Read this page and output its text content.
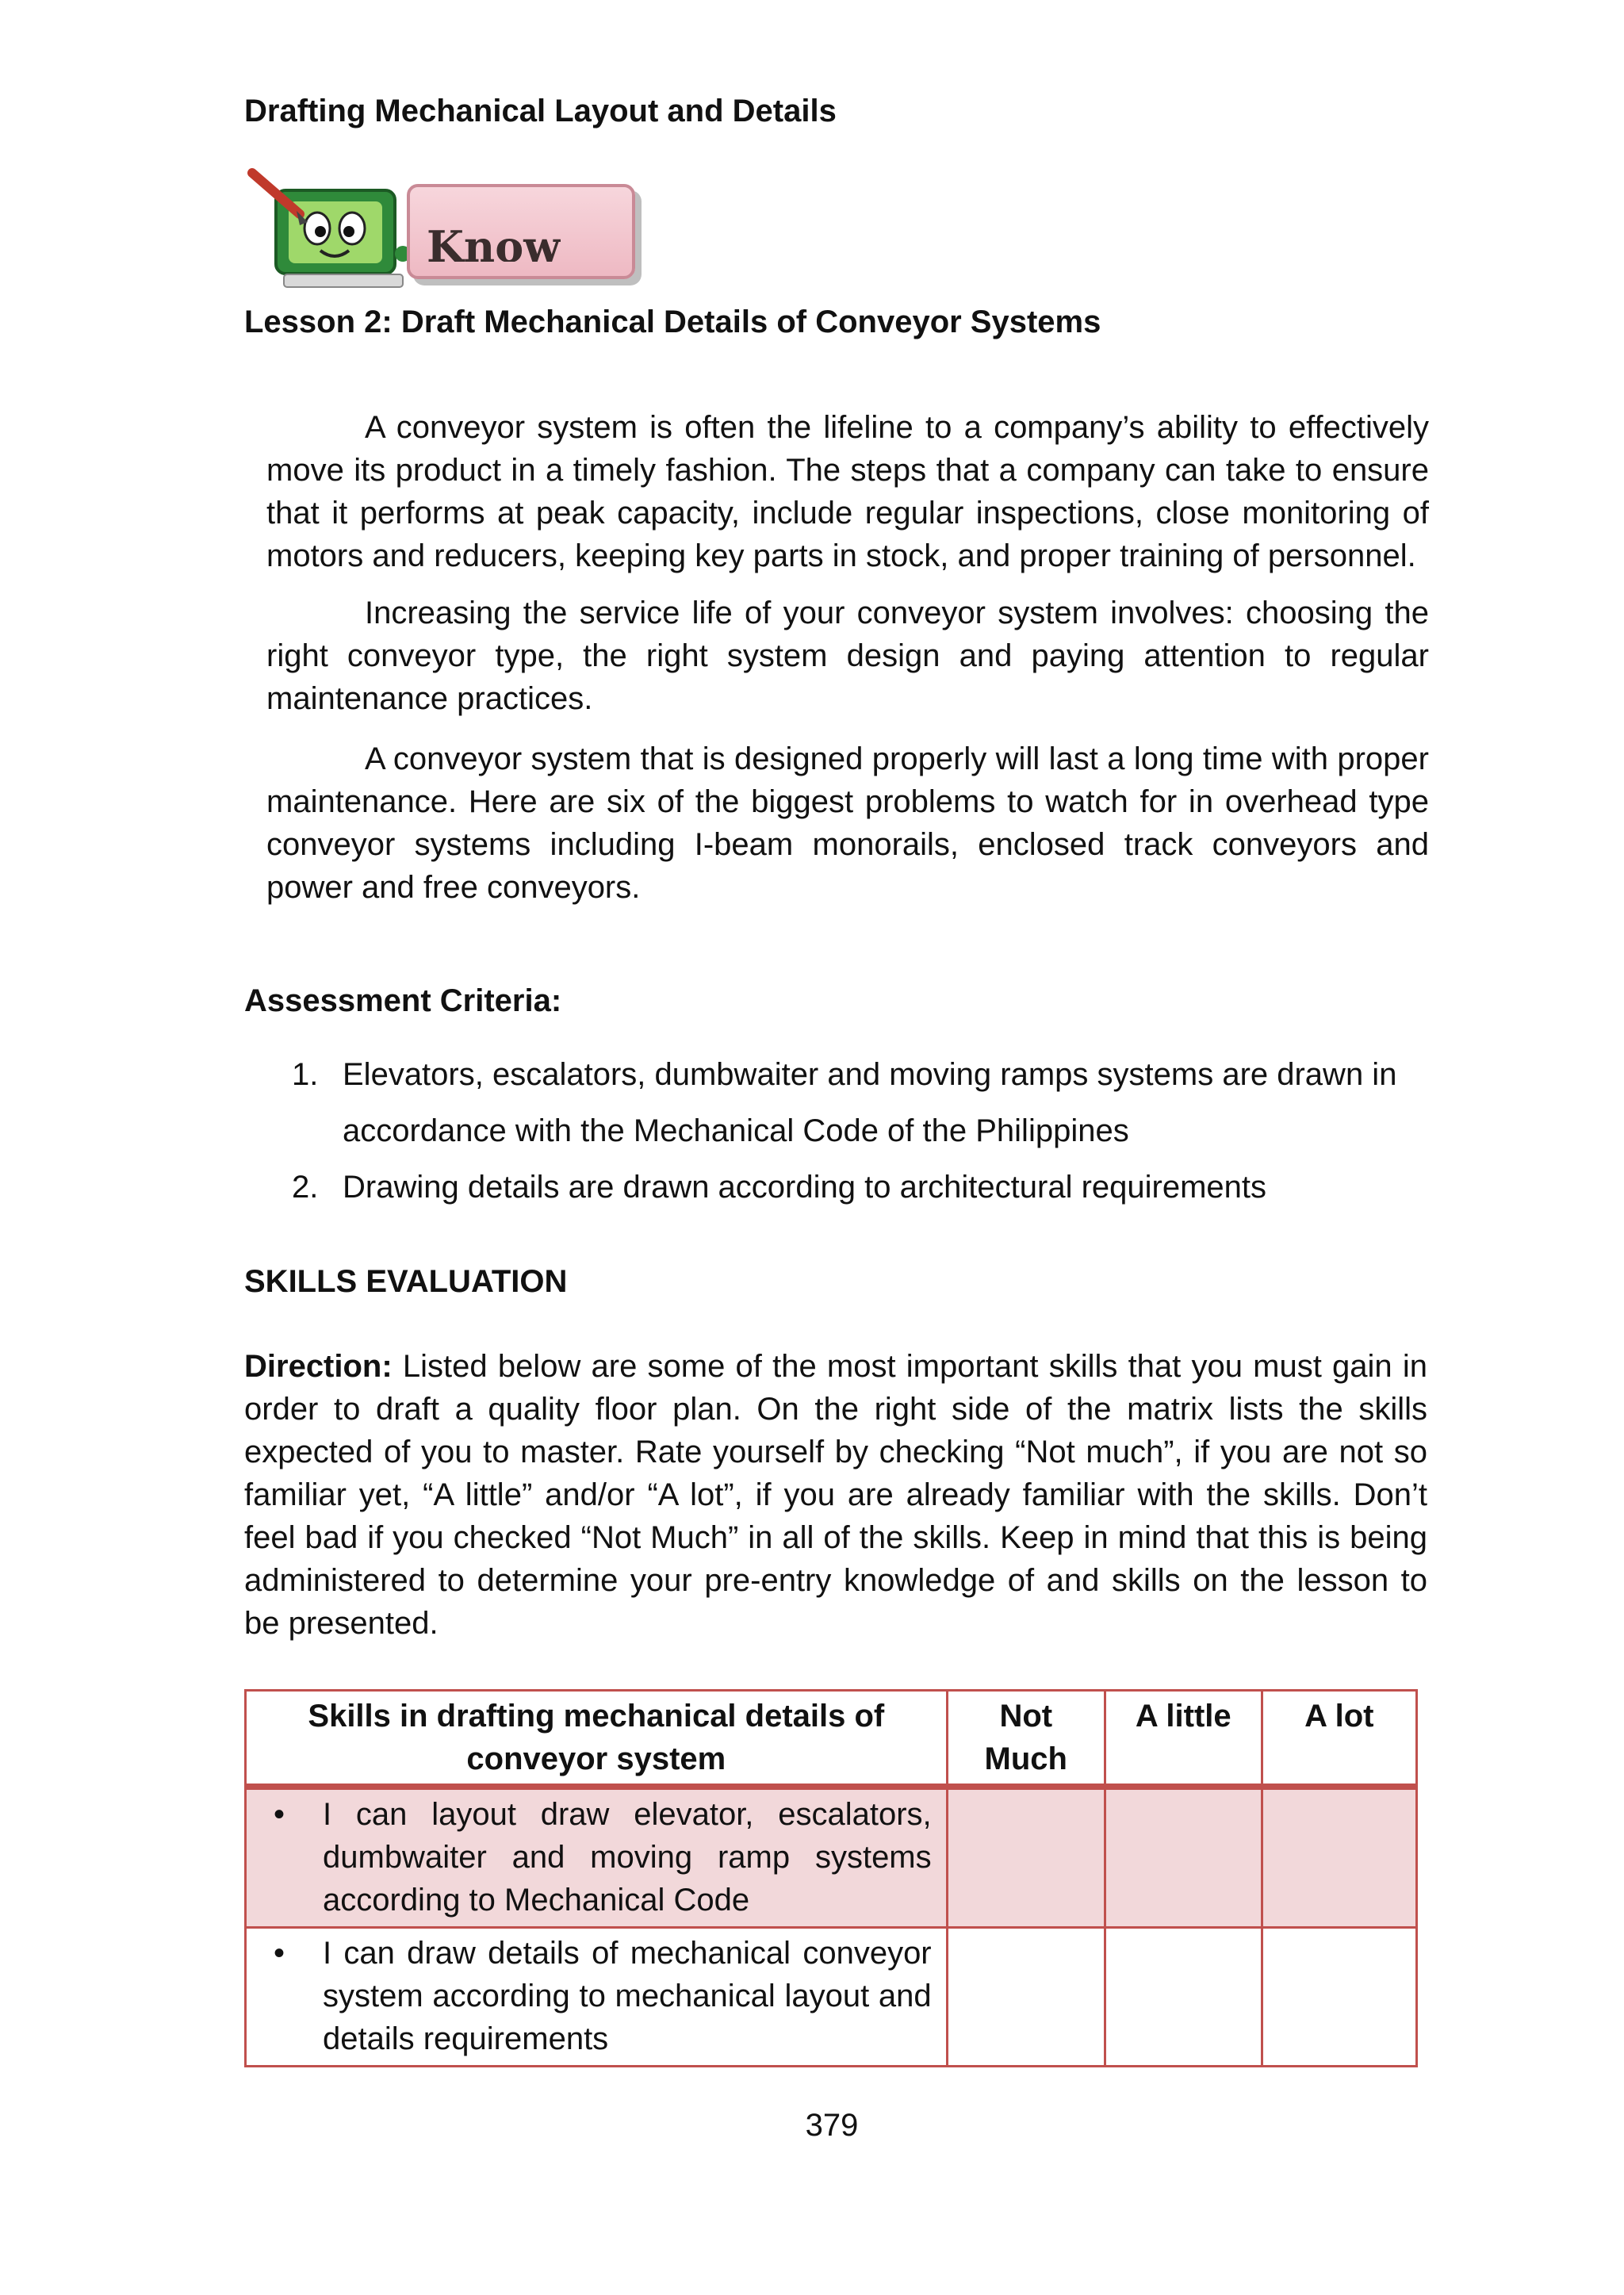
Drafting Mechanical Layout and Details
Know
Lesson 2: Draft Mechanical Details of Conveyor Systems

A conveyor system is often the lifeline to a company’s ability to effectively move its product in a timely fashion. The steps that a company can take to ensure that it performs at peak capacity, include regular inspections, close monitoring of motors and reducers, keeping key parts in stock, and proper training of personnel.

Increasing the service life of your conveyor system involves: choosing the right conveyor type, the right system design and paying attention to regular maintenance practices.

A conveyor system that is designed properly will last a long time with proper maintenance. Here are six of the biggest problems to watch for in overhead type conveyor systems including I-beam monorails, enclosed track conveyors and power and free conveyors.

Assessment Criteria:
1. Elevators, escalators, dumbwaiter and moving ramps systems are drawn in accordance with the Mechanical Code of the Philippines
2. Drawing details are drawn according to architectural requirements
SKILLS EVALUATION

Direction: Listed below are some of the most important skills that you must gain in order to draft a quality floor plan. On the right side of the matrix lists the skills expected of you to master. Rate yourself by checking “Not much”, if you are not so familiar yet, “A little” and/or “A lot”, if you are already familiar with the skills. Don’t feel bad if you checked “Not Much” in all of the skills. Keep in mind that this is being administered to determine your pre-entry knowledge of and skills on the lesson to be presented.

Skills in drafting mechanical details of conveyor system	Not Much	A little	A lot

• I can layout draw elevator, escalators, dumbwaiter and moving ramp systems according to Mechanical Code			

• I can draw details of mechanical conveyor system according to mechanical layout and details requirements			
379
